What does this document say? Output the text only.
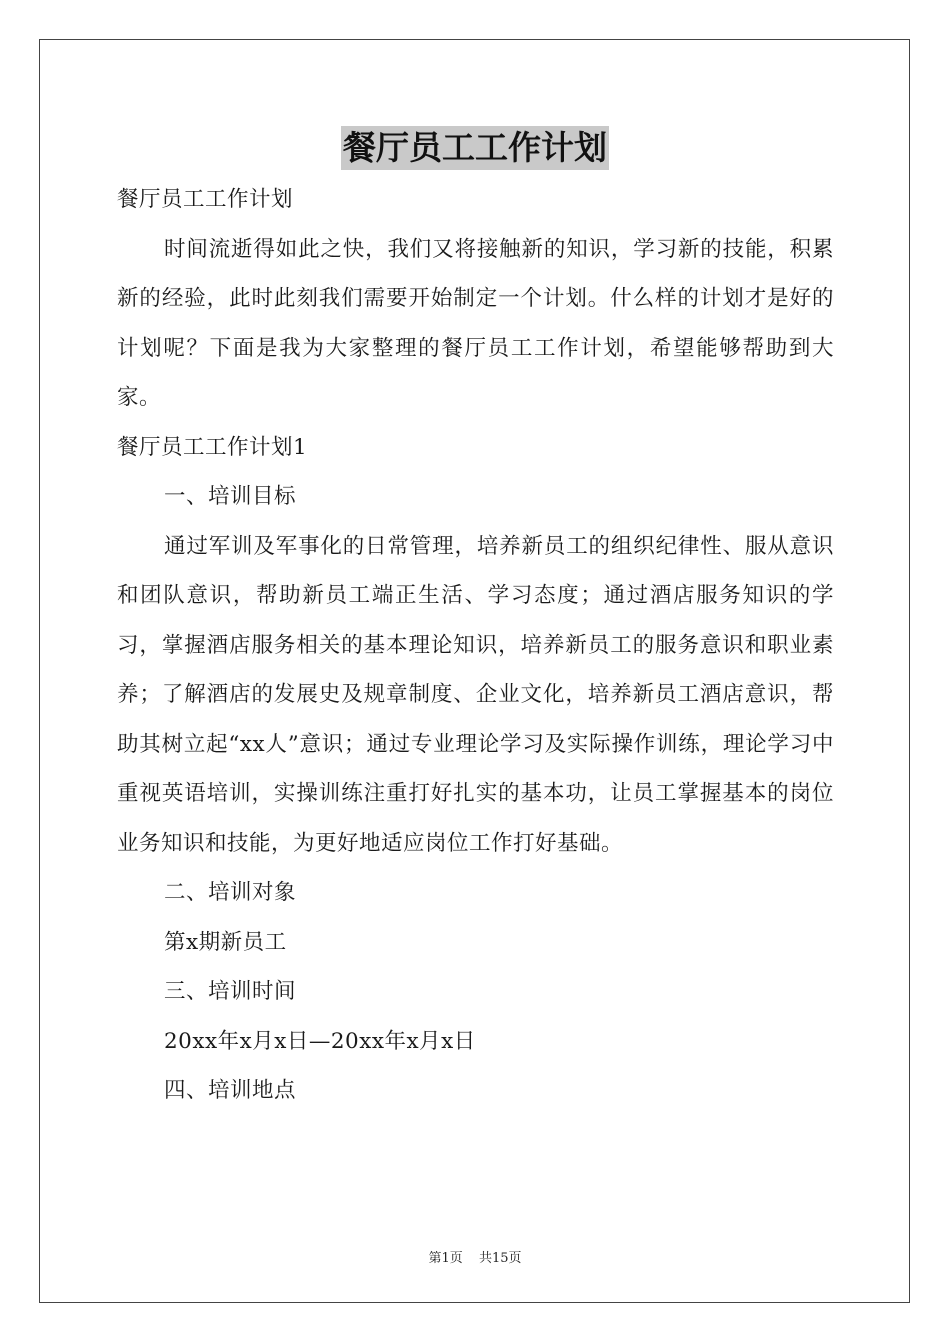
餐厅员工工作计划

餐厅员工工作计划

时间流逝得如此之快，我们又将接触新的知识，学习新的技能，积累新的经验，此时此刻我们需要开始制定一个计划。什么样的计划才是好的计划呢？下面是我为大家整理的餐厅员工工作计划，希望能够帮助到大家。

餐厅员工工作计划1

一、培训目标

通过军训及军事化的日常管理，培养新员工的组织纪律性、服从意识和团队意识，帮助新员工端正生活、学习态度；通过酒店服务知识的学习，掌握酒店服务相关的基本理论知识，培养新员工的服务意识和职业素养；了解酒店的发展史及规章制度、企业文化，培养新员工酒店意识，帮助其树立起“xx人”意识；通过专业理论学习及实际操作训练，理论学习中重视英语培训，实操训练注重打好扎实的基本功，让员工掌握基本的岗位业务知识和技能，为更好地适应岗位工作打好基础。

二、培训对象

第x期新员工

三、培训时间

20xx年x月x日—20xx年x月x日

四、培训地点

第1页 共15页
